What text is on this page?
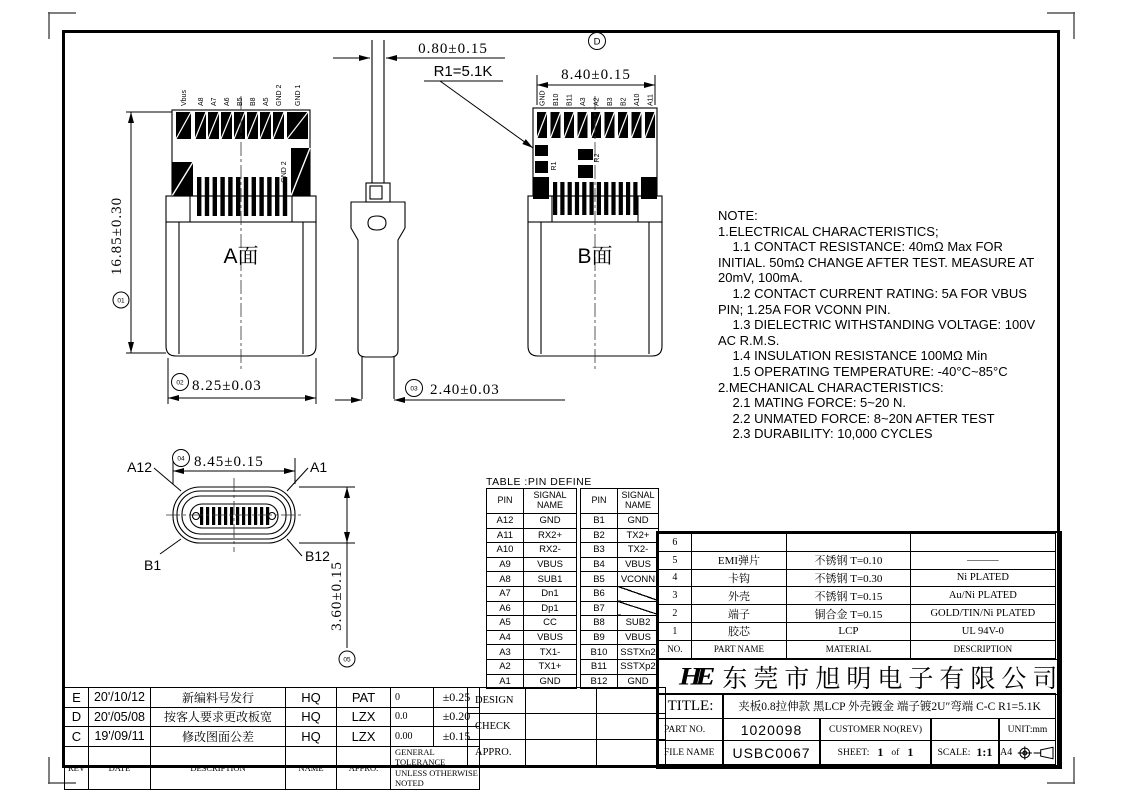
Vbus A8 A7 A6 B5 B8 A5 GND 2 GND 1
GND 2
A面
16.85±0.30
01
02 8.25±0.03
0.80±0.15
R1=5.1K
03 2.40±0.03
GND B10 B11 A3 A2 B3 B2 A10 A11
R1
R2
B面
D
8.40±0.15
A12	A1
B1
B12
04 8.45±0.15
3.60±0.15
05
NOTE:
1.ELECTRICAL CHARACTERISTICS;
1.1 CONTACT RESISTANCE: 40mΩ Max FOR
INITIAL. 50mΩ CHANGE AFTER TEST. MEASURE AT
20mV, 100mA.
1.2 CONTACT CURRENT RATING: 5A FOR VBUS
PIN; 1.25A FOR VCONN PIN.
1.3 DIELECTRIC WITHSTANDING VOLTAGE: 100V
AC R.M.S.
1.4 INSULATION RESISTANCE 100MΩ Min
1.5 OPERATING TEMPERATURE: -40°C~85°C
2.MECHANICAL CHARACTERISTICS:
2.1 MATING FORCE: 5~20 N.
2.2 UNMATED FORCE: 8~20N AFTER TEST
2.3 DURABILITY: 10,000 CYCLES
TABLE :PIN DEFINE
PIN	SIGNAL NAME
A12	GND
A11	RX2+
A10	RX2-
A9	VBUS
A8	SUB1
A7	Dn1
A6	Dp1
A5	CC
A4	VBUS
A3	TX1-
A2	TX1+
A1	GND
PIN	SIGNAL NAME
B1	GND
B2	TX2+
B3	TX2-
B4	VBUS
B5	VCONN
B6	
B7	
B8	SUB2
B9	VBUS
B10	SSTXn2
B11	SSTXp2
B12	GND
6			
5	EMI弹片	不锈钢 T=0.10	———
4	卡钩	不锈钢 T=0.30	Ni PLATED
3	外壳	不锈钢 T=0.15	Au/Ni PLATED
2	端子	铜合金 T=0.15	GOLD/TIN/Ni PLATED
1	胶芯	LCP	UL 94V-0
NO.	PART NAME	MATERIAL	DESCRIPTION
HE 东莞市旭明电子有限公司
TITLE:	夹板0.8拉伸款 黑LCP 外壳镀金 端子镀2U″弯端 C-C R1=5.1K
PART NO.	1020098	CUSTOMER NO(REV)	UNIT:mm
FILE NAME	USBC0067	SHEET: 1 of 1	SCALE: 1:1 A4
E	20'/10/12	新编料号发行	HQ	PAT	0	±0.25
D	20'/05/08	按客人要求更改板宽	HQ	LZX	0.0	±0.20
C	19'/09/11	修改图面公差	HQ	LZX	0.00	±0.15
REV	DATE	DESCRIPTION	NAME	APPRO.	GENERAL TOLERANCE
UNLESS OTHERWISE NOTED	
DESIGN		
CHECK		
APPRO.		
